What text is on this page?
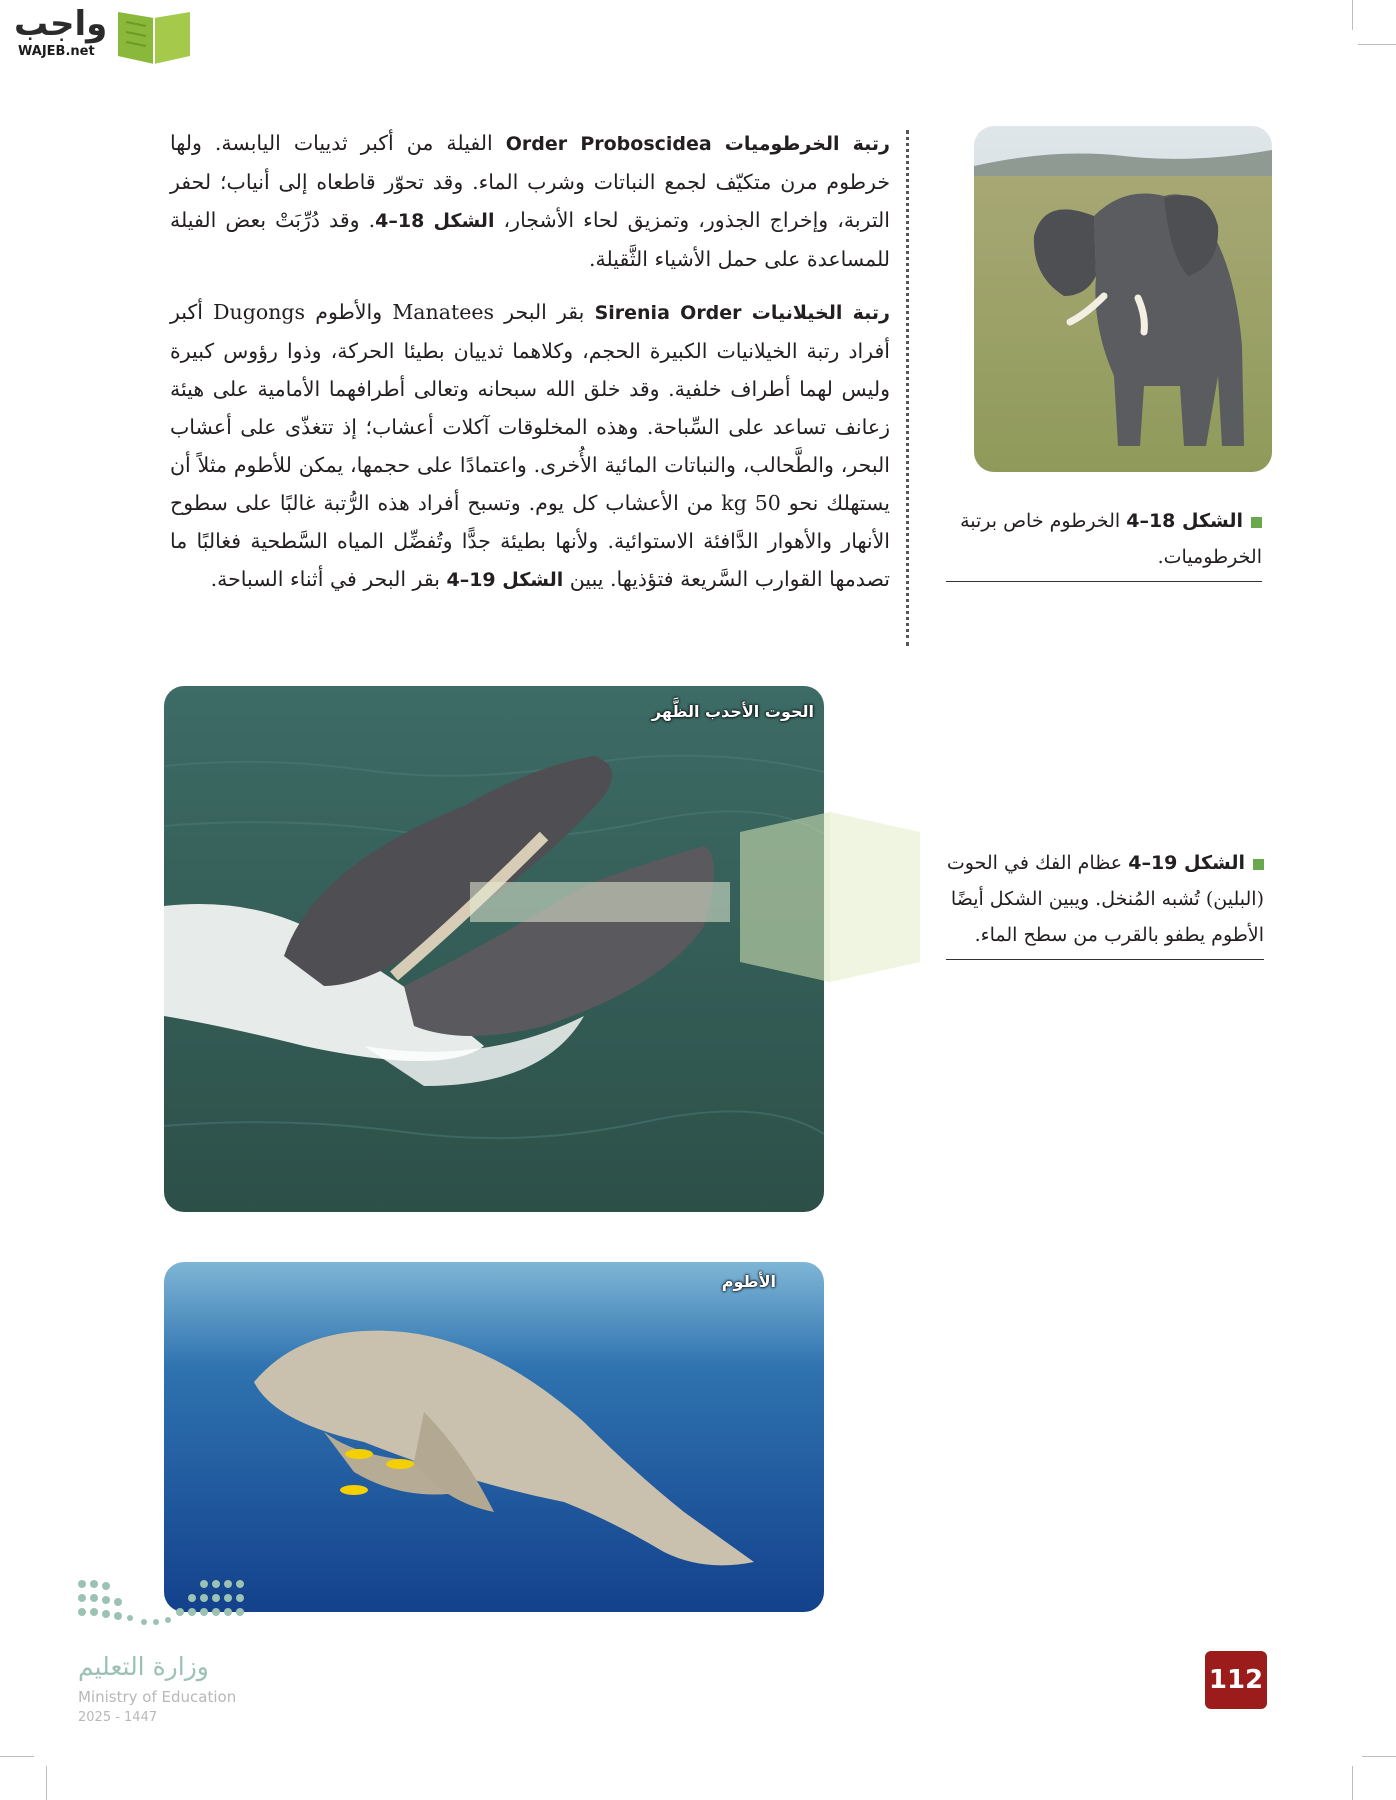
واجب
WAJEB.net
رتبة الخرطوميات Order Proboscidea الفيلة من أكبر ثدييات اليابسة. ولها خرطوم مرن متكيّف لجمع النباتات وشرب الماء. وقد تحوّر قاطعاه إلى أنياب؛ لحفر التربة، وإخراج الجذور، وتمزيق لحاء الأشجار، الشكل 18–4. وقد دُرِّبَتْ بعض الفيلة للمساعدة على حمل الأشياء الثَّقيلة.
رتبة الخيلانيات Sirenia Order بقر البحر Manatees والأطوم Dugongs أكبر أفراد رتبة الخيلانيات الكبيرة الحجم، وكلاهما ثدييان بطيئا الحركة، وذوا رؤوس كبيرة وليس لهما أطراف خلفية. وقد خلق الله سبحانه وتعالى أطرافهما الأمامية على هيئة زعانف تساعد على السِّباحة. وهذه المخلوقات آكلات أعشاب؛ إذ تتغذّى على أعشاب البحر، والطَّحالب، والنباتات المائية الأُخرى. واعتمادًا على حجمها، يمكن للأطوم مثلاً أن يستهلك نحو 50 kg من الأعشاب كل يوم. وتسبح أفراد هذه الرُّتبة غالبًا على سطوح الأنهار والأهوار الدَّافئة الاستوائية. ولأنها بطيئة جدًّا وتُفضِّل المياه السَّطحية فغالبًا ما تصدمها القوارب السَّريعة فتؤذيها. يبين الشكل 19–4 بقر البحر في أثناء السباحة.
الشكل 18–4 الخرطوم خاص برتبة الخرطوميات.
الحوت الأحدب الظَّهر
الشكل 19–4 عظام الفك في الحوت (البلين) تُشبه المُنخل. ويبين الشكل أيضًا الأطوم يطفو بالقرب من سطح الماء.
الأطوم
وزارة التعليم
Ministry of Education
2025 - 1447
112
